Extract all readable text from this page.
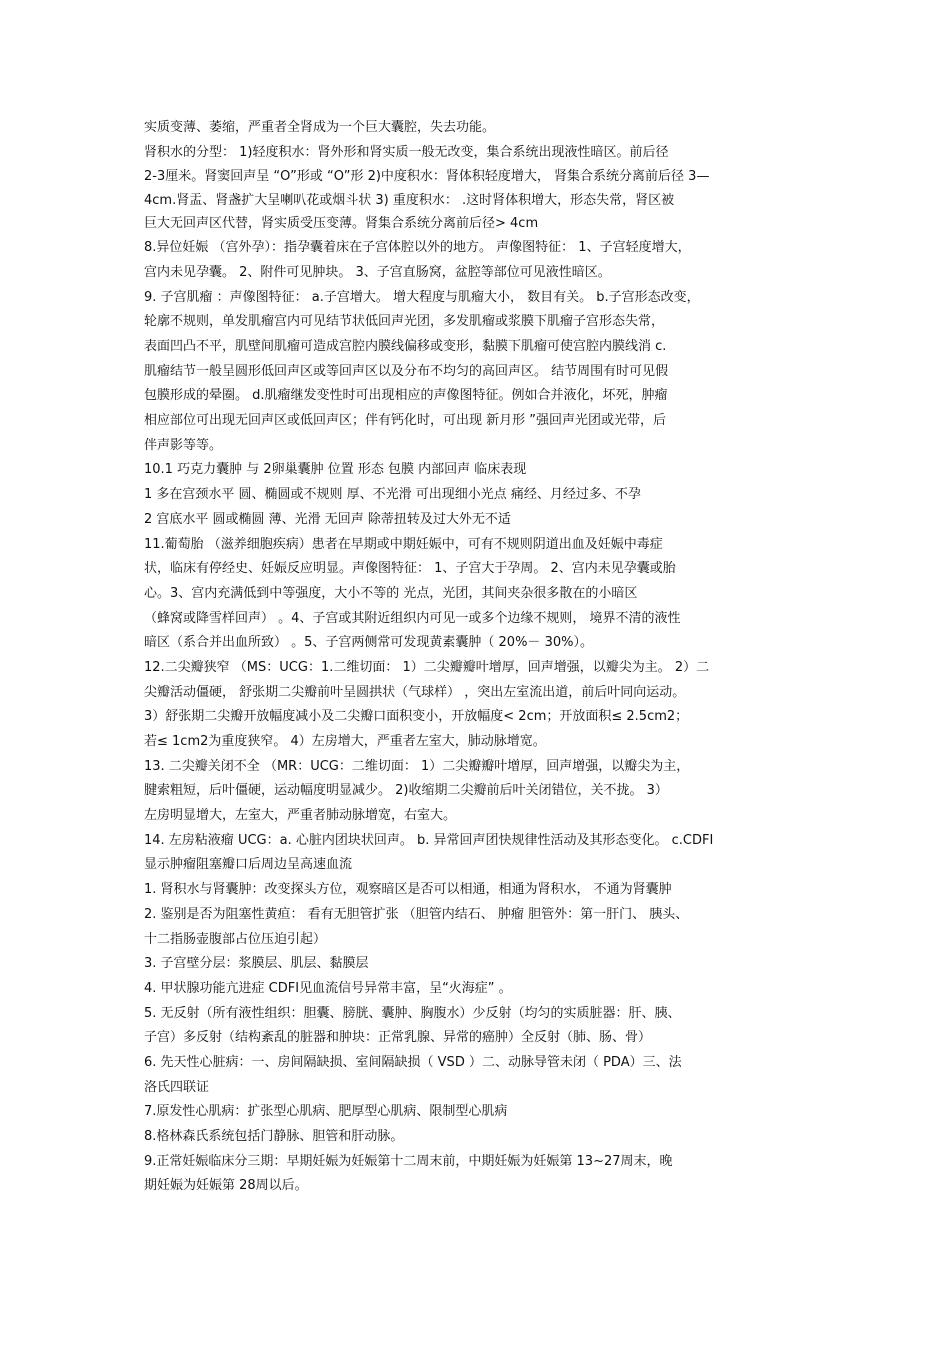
实质变薄、萎缩，严重者全肾成为一个巨大囊腔，失去功能。
肾积水的分型： 1)轻度积水：肾外形和肾实质一般无改变，集合系统出现液性暗区。前后径
2-3厘米。肾窦回声呈 “O”形或 “O”形 2)中度积水：肾体积轻度增大， 肾集合系统分离前后径 3—
4cm.肾盂、肾盏扩大呈喇叭花或烟斗状 3) 重度积水： .这时肾体积增大，形态失常，肾区被
巨大无回声区代替，肾实质受压变薄。肾集合系统分离前后径> 4cm
8.异位妊娠 （宫外孕）：指孕囊着床在子宫体腔以外的地方。 声像图特征： 1、子宫轻度增大，
宫内未见孕囊。 2、附件可见肿块。 3、子宫直肠窝，盆腔等部位可见液性暗区。
9. 子宫肌瘤 ：声像图特征： a.子宫增大。 增大程度与肌瘤大小， 数目有关。 b.子宫形态改变，
轮廓不规则，单发肌瘤宫内可见结节状低回声光团，多发肌瘤或浆膜下肌瘤子宫形态失常，
表面凹凸不平，肌壁间肌瘤可造成宫腔内膜线偏移或变形，黏膜下肌瘤可使宫腔内膜线消 c.
肌瘤结节一般呈圆形低回声区或等回声区以及分布不均匀的高回声区。 结节周围有时可见假
包膜形成的晕圈。 d.肌瘤继发变性时可出现相应的声像图特征。例如合并液化，坏死，肿瘤
相应部位可出现无回声区或低回声区；伴有钙化时，可出现 新月形 ”强回声光团或光带，后
伴声影等等。
10.1 巧克力囊肿 与 2卵巢囊肿 位置 形态 包膜 内部回声 临床表现
1 多在宫颈水平 圆、椭圆或不规则 厚、不光滑 可出现细小光点 痛经、月经过多、不孕
2 宫底水平 圆或椭圆 薄、光滑 无回声 除蒂扭转及过大外无不适
11.葡萄胎 （滋养细胞疾病）患者在早期或中期妊娠中，可有不规则阴道出血及妊娠中毒症
状，临床有停经史、妊娠反应明显。声像图特征： 1、子宫大于孕周。 2、宫内未见孕囊或胎
心。3、宫内充满低到中等强度，大小不等的 光点，光团，其间夹杂很多散在的小暗区
（蜂窝或降雪样回声） 。4、子宫或其附近组织内可见一或多个边缘不规则， 境界不清的液性
暗区（系合并出血所致） 。5、子宫两侧常可发现黄素囊肿（ 20%－ 30%）。
12.二尖瓣狭窄 （MS：UCG：1.二维切面： 1）二尖瓣瓣叶增厚，回声增强，以瓣尖为主。 2）二
尖瓣活动僵硬， 舒张期二尖瓣前叶呈圆拱状（气球样） ，突出左室流出道，前后叶同向运动。
3）舒张期二尖瓣开放幅度减小及二尖瓣口面积变小，开放幅度< 2cm；开放面积≤ 2.5cm2；
若≤ 1cm2为重度狭窄。 4）左房增大，严重者左室大，肺动脉增宽。
13. 二尖瓣关闭不全 （MR：UCG：二维切面： 1）二尖瓣瓣叶增厚，回声增强，以瓣尖为主，
腱索粗短，后叶僵硬，运动幅度明显减少。 2)收缩期二尖瓣前后叶关闭错位，关不拢。 3）
左房明显增大，左室大，严重者肺动脉增宽，右室大。
14. 左房粘液瘤 UCG：a. 心脏内团块状回声。 b. 异常回声团快规律性活动及其形态变化。 c.CDFI
显示肿瘤阻塞瓣口后周边呈高速血流
1. 肾积水与肾囊肿：改变探头方位，观察暗区是否可以相通，相通为肾积水， 不通为肾囊肿
2. 鉴别是否为阻塞性黄疸： 看有无胆管扩张 （胆管内结石、 肿瘤 胆管外：第一肝门、 胰头、
十二指肠壶腹部占位压迫引起）
3. 子宫壁分层：浆膜层、肌层、黏膜层
4. 甲状腺功能亢进症 CDFI见血流信号异常丰富，呈“火海症” 。
5. 无反射（所有液性组织：胆囊、膀胱、囊肿、胸腹水）少反射（均匀的实质脏器：肝、胰、
子宫）多反射（结构紊乱的脏器和肿块：正常乳腺、异常的癌肿）全反射（肺、肠、骨）
6. 先天性心脏病：一、房间隔缺损、室间隔缺损（ VSD ）二、动脉导管未闭（ PDA）三、法
洛氏四联证
7.原发性心肌病：扩张型心肌病、肥厚型心肌病、限制型心肌病
8.格林森氏系统包括门静脉、胆管和肝动脉。
9.正常妊娠临床分三期：早期妊娠为妊娠第十二周末前，中期妊娠为妊娠第 13~27周末，晚
期妊娠为妊娠第 28周以后。
